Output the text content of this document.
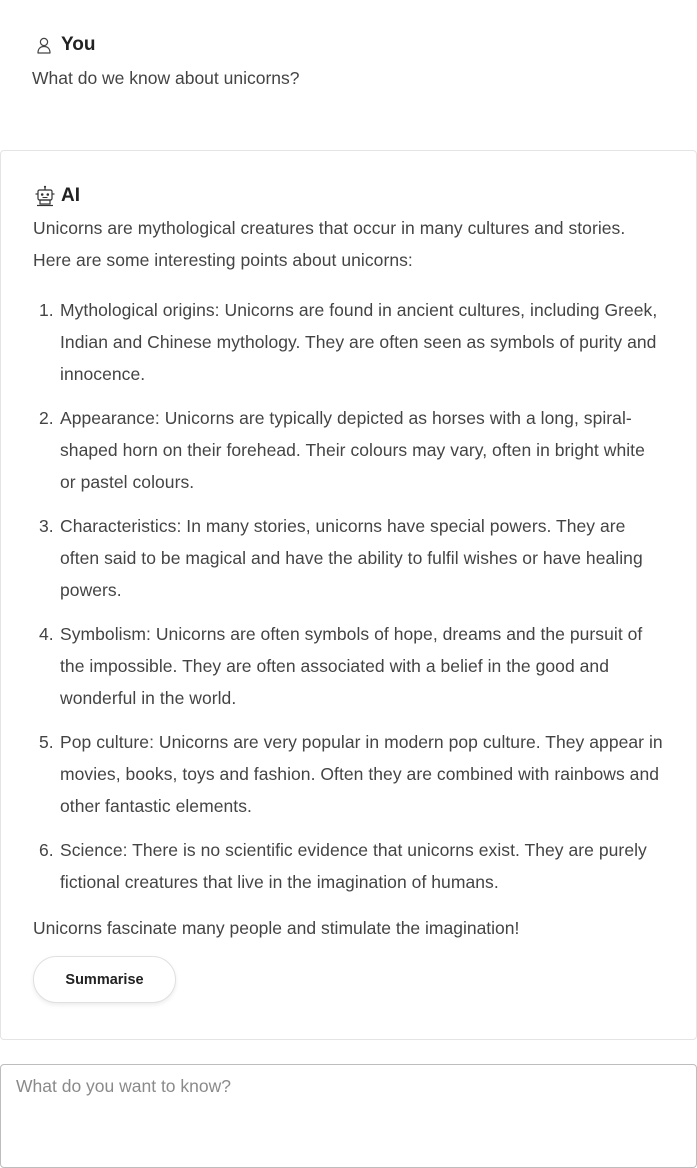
You
What do we know about unicorns?
AI

Unicorns are mythological creatures that occur in many cultures and stories. Here are some interesting points about unicorns:

1. Mythological origins: Unicorns are found in ancient cultures, including Greek, Indian and Chinese mythology. They are often seen as symbols of purity and innocence.
2. Appearance: Unicorns are typically depicted as horses with a long, spiral-shaped horn on their forehead. Their colours may vary, often in bright white or pastel colours.
3. Characteristics: In many stories, unicorns have special powers. They are often said to be magical and have the ability to fulfil wishes or have healing powers.
4. Symbolism: Unicorns are often symbols of hope, dreams and the pursuit of the impossible. They are often associated with a belief in the good and wonderful in the world.
5. Pop culture: Unicorns are very popular in modern pop culture. They appear in movies, books, toys and fashion. Often they are combined with rainbows and other fantastic elements.
6. Science: There is no scientific evidence that unicorns exist. They are purely fictional creatures that live in the imagination of humans.

Unicorns fascinate many people and stimulate the imagination!

Summarise
What do you want to know?
